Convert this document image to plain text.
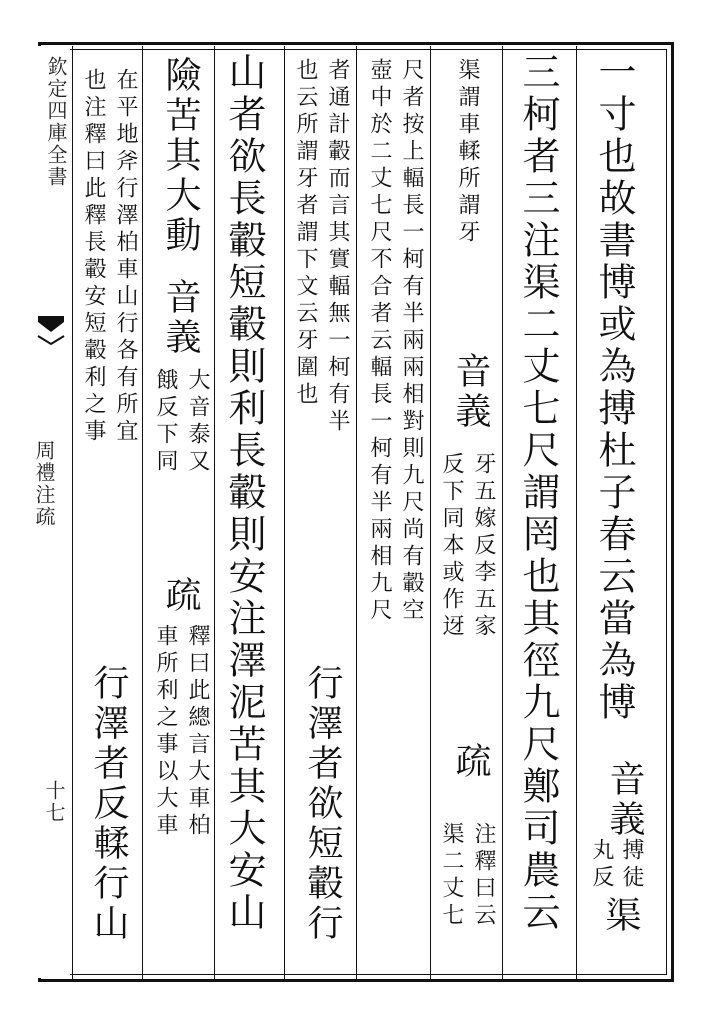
欽定四庫全書
周禮注疏
十七
一寸也故書博或為搏杜子春云當為博
音義
搏徒
丸反
渠
三柯者三注渠二丈七尺謂罔也其徑九尺鄭司農云
渠謂車輮所謂牙
音義
牙五嫁反李五家
反下同本或作迓
疏
注釋曰云
渠二丈七
尺者按上輻長一柯有半兩兩相對則九尺尚有轂空
壺中於二丈七尺不合者云輻長一柯有半兩相九尺
者通計轂而言其實輻無一柯有半
也云所謂牙者謂下文云牙圍也
行澤者欲短轂行
山者欲長轂短轂則利長轂則安注澤泥苦其大安山
險苦其大動
音義
大音泰又
餓反下同
疏
釋曰此總言大車柏
車所利之事以大車
在平地斧行澤柏車山行各有所宜
也注釋曰此釋長轂安短轂利之事
行澤者反輮行山
